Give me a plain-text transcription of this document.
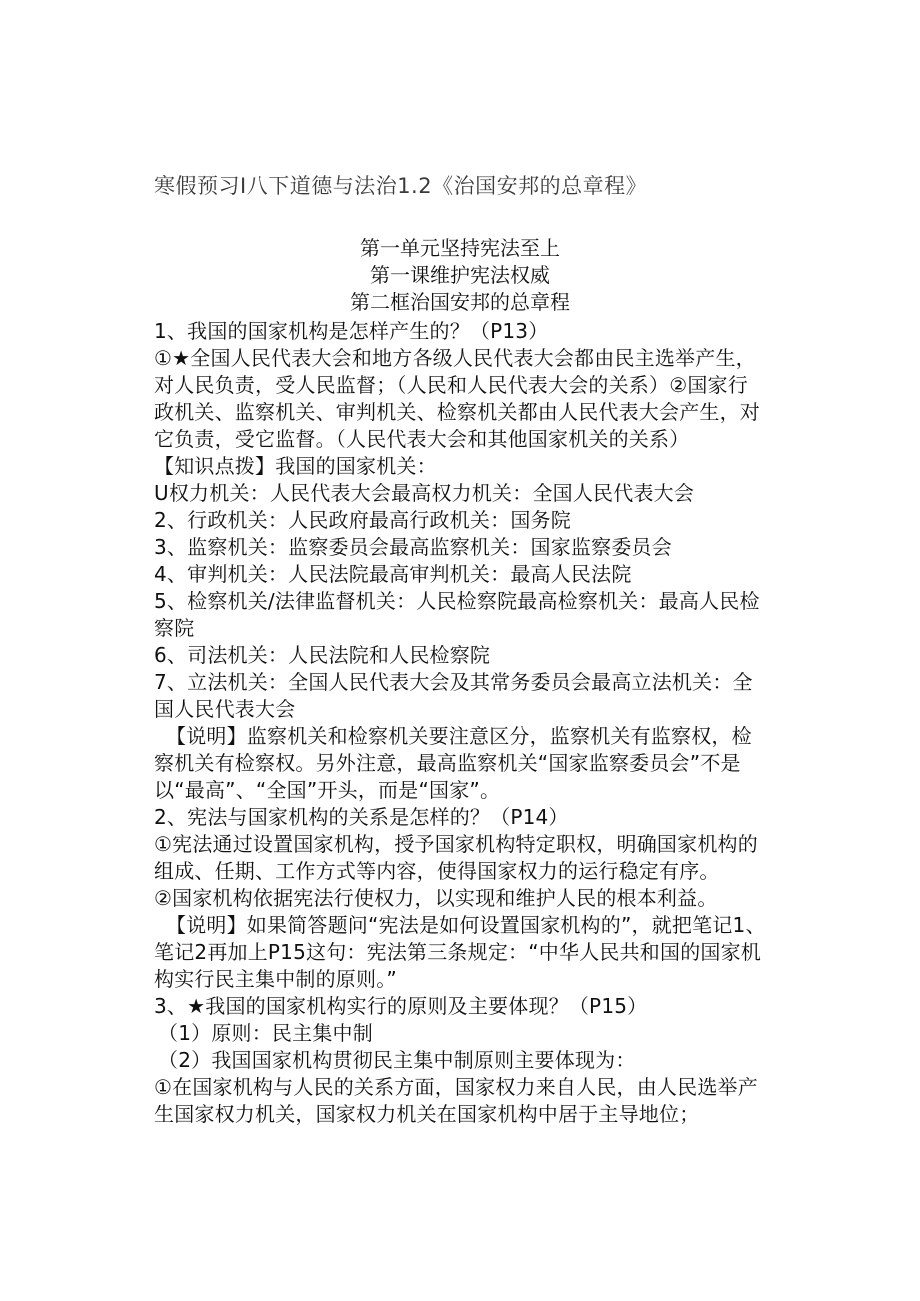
寒假预习I八下道德与法治1.2《治国安邦的总章程》
第一单元坚持宪法至上
第一课维护宪法权威
第二框治国安邦的总章程
1、我国的国家机构是怎样产生的？（P13）
①★全国人民代表大会和地方各级人民代表大会都由民主选举产生，
对人民负责，受人民监督；（人民和人民代表大会的关系）②国家行
政机关、监察机关、审判机关、检察机关都由人民代表大会产生，对
它负责，受它监督。（人民代表大会和其他国家机关的关系）
【知识点拨】我国的国家机关：
U权力机关：人民代表大会最高权力机关：全国人民代表大会
2、行政机关：人民政府最高行政机关：国务院
3、监察机关：监察委员会最高监察机关：国家监察委员会
4、审判机关：人民法院最高审判机关：最高人民法院
5、检察机关/法律监督机关：人民检察院最高检察机关：最高人民检
察院
6、司法机关：人民法院和人民检察院
7、立法机关：全国人民代表大会及其常务委员会最高立法机关：全
国人民代表大会
【说明】监察机关和检察机关要注意区分，监察机关有监察权，检
察机关有检察权。另外注意，最高监察机关“国家监察委员会”不是
以“最高”、“全国”开头，而是“国家”。
2、宪法与国家机构的关系是怎样的？（P14）
①宪法通过设置国家机构，授予国家机构特定职权，明确国家机构的
组成、任期、工作方式等内容，使得国家权力的运行稳定有序。
②国家机构依据宪法行使权力，以实现和维护人民的根本利益。
【说明】如果简答题问“宪法是如何设置国家机构的”，就把笔记1、
笔记2再加上P15这句：宪法第三条规定：“中华人民共和国的国家机
构实行民主集中制的原则。”
3、★我国的国家机构实行的原则及主要体现？（P15）
（1）原则：民主集中制
（2）我国国家机构贯彻民主集中制原则主要体现为：
①在国家机构与人民的关系方面，国家权力来自人民，由人民选举产
生国家权力机关，国家权力机关在国家机构中居于主导地位；
